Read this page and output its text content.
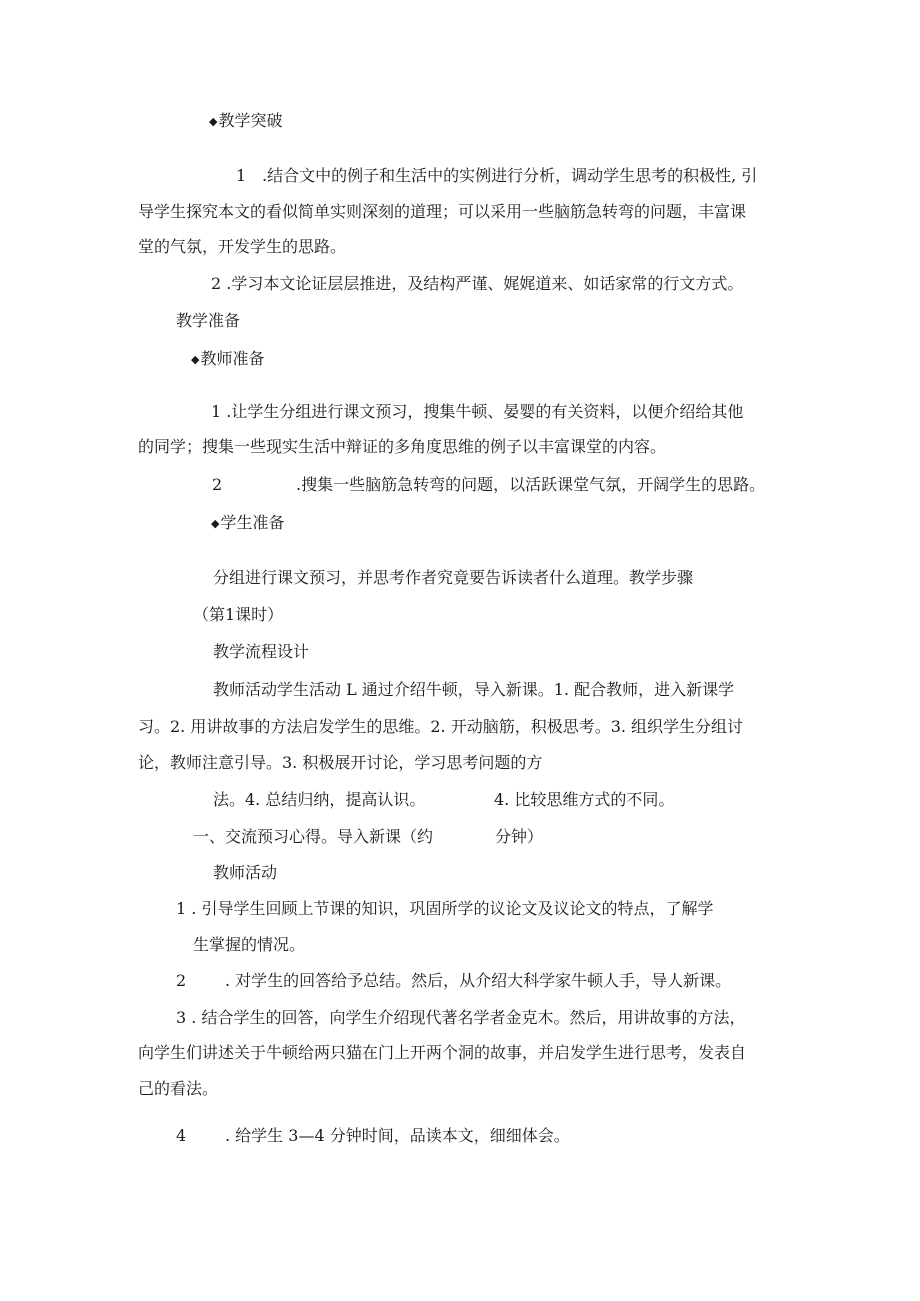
◆教学突破
1 .结合文中的例子和生活中的实例进行分析，调动学生思考的积极性, 引
导学生探究本文的看似简单实则深刻的道理；可以采用一些脑筋急转弯的问题，丰富课
堂的气氛，开发学生的思路。
2 .学习本文论证层层推进，及结构严谨、娓娓道来、如话家常的行文方式。
教学准备
◆教师准备
1 .让学生分组进行课文预习，搜集牛顿、晏婴的有关资料，以便介绍给其他
的同学；搜集一些现实生活中辩证的多角度思维的例子以丰富课堂的内容。
2	.搜集一些脑筋急转弯的问题，以活跃课堂气氛，开阔学生的思路。
◆学生准备
分组进行课文预习，并思考作者究竟要告诉读者什么道理。教学步骤
（第1课时）
教学流程设计
教师活动学生活动 L 通过介绍牛顿，导入新课。1. 配合教师，进入新课学
习。2. 用讲故事的方法启发学生的思维。2. 开动脑筋，积极思考。3. 组织学生分组讨
论，教师注意引导。3. 积极展开讨论，学习思考问题的方
法。4. 总结归纳，提高认识。	4. 比较思维方式的不同。
一、交流预习心得。导入新课（约	分钟）
教师活动
1 . 引导学生回顾上节课的知识，巩固所学的议论文及议论文的特点，了解学
生掌握的情况。
2 . 对学生的回答给予总结。然后，从介绍大科学家牛顿人手，导人新课。
3 . 结合学生的回答，向学生介绍现代著名学者金克木。然后，用讲故事的方法，
向学生们讲述关于牛顿给两只猫在门上开两个洞的故事，并启发学生进行思考，发表自
己的看法。
4 . 给学生 3—4 分钟时间，品读本文，细细体会。
